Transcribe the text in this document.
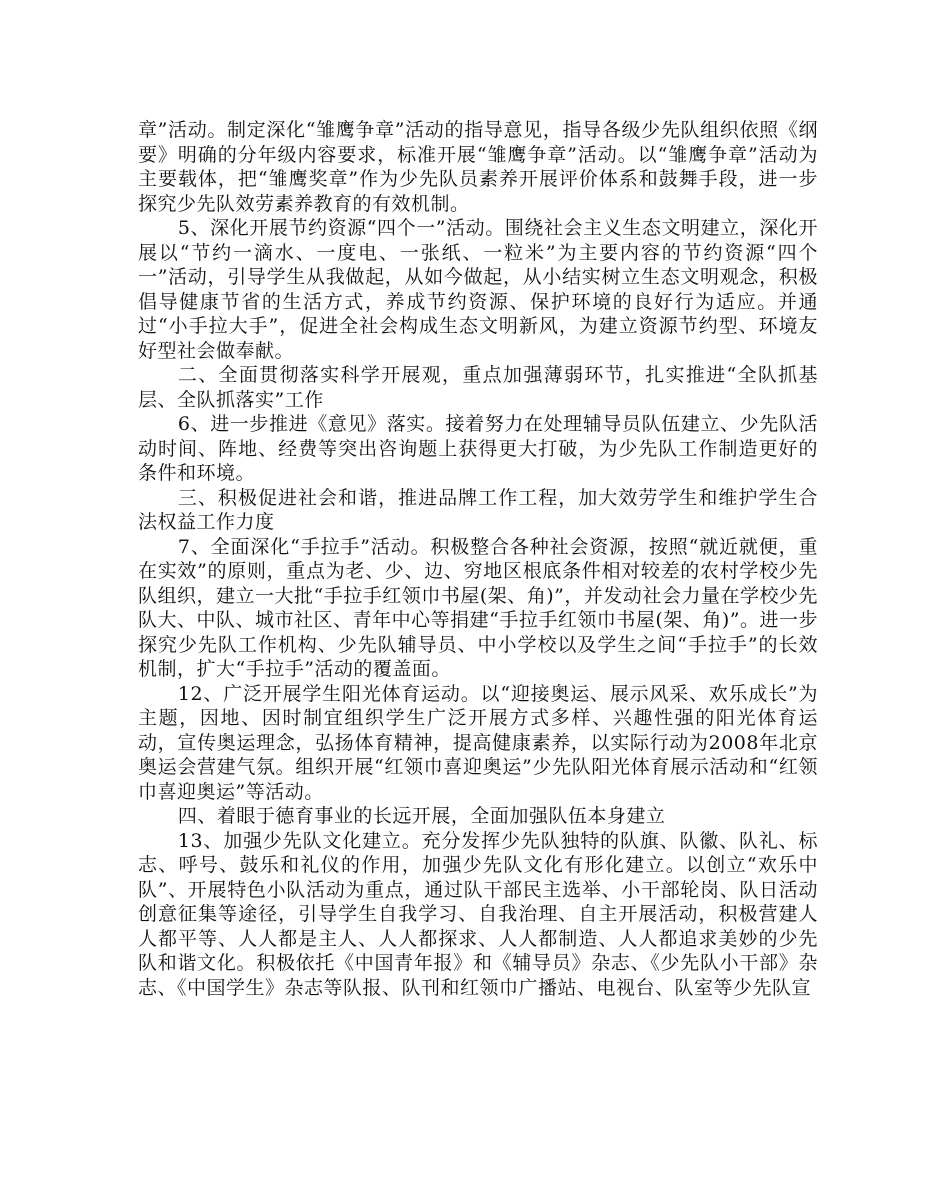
章”活动。制定深化“雏鹰争章”活动的指导意见，指导各级少先队组织依照《纲要》明确的分年级内容要求，标准开展“雏鹰争章”活动。以“雏鹰争章”活动为主要载体，把“雏鹰奖章”作为少先队员素养开展评价体系和鼓舞手段，进一步探究少先队效劳素养教育的有效机制。

5、深化开展节约资源“四个一”活动。围绕社会主义生态文明建立，深化开展以“节约一滴水、一度电、一张纸、一粒米”为主要内容的节约资源“四个一”活动，引导学生从我做起，从如今做起，从小结实树立生态文明观念，积极倡导健康节省的生活方式，养成节约资源、保护环境的良好行为适应。并通过“小手拉大手”，促进全社会构成生态文明新风，为建立资源节约型、环境友好型社会做奉献。

二、全面贯彻落实科学开展观，重点加强薄弱环节，扎实推进“全队抓基层、全队抓落实”工作

6、进一步推进《意见》落实。接着努力在处理辅导员队伍建立、少先队活动时间、阵地、经费等突出咨询题上获得更大打破，为少先队工作制造更好的条件和环境。

三、积极促进社会和谐，推进品牌工作工程，加大效劳学生和维护学生合法权益工作力度

7、全面深化“手拉手”活动。积极整合各种社会资源，按照“就近就便，重在实效”的原则，重点为老、少、边、穷地区根底条件相对较差的农村学校少先队组织，建立一大批“手拉手红领巾书屋(架、角)”，并发动社会力量在学校少先队大、中队、城市社区、青年中心等捐建“手拉手红领巾书屋(架、角)”。进一步探究少先队工作机构、少先队辅导员、中小学校以及学生之间“手拉手”的长效机制，扩大“手拉手”活动的覆盖面。

12、广泛开展学生阳光体育运动。以“迎接奥运、展示风采、欢乐成长”为主题，因地、因时制宜组织学生广泛开展方式多样、兴趣性强的阳光体育运动，宣传奥运理念，弘扬体育精神，提高健康素养，以实际行动为2008年北京奥运会营建气氛。组织开展“红领巾喜迎奥运”少先队阳光体育展示活动和“红领巾喜迎奥运”等活动。

四、着眼于德育事业的长远开展，全面加强队伍本身建立

13、加强少先队文化建立。充分发挥少先队独特的队旗、队徽、队礼、标志、呼号、鼓乐和礼仪的作用，加强少先队文化有形化建立。以创立“欢乐中队”、开展特色小队活动为重点，通过队干部民主选举、小干部轮岗、队日活动创意征集等途径，引导学生自我学习、自我治理、自主开展活动，积极营建人人都平等、人人都是主人、人人都探求、人人都制造、人人都追求美妙的少先队和谐文化。积极依托《中国青年报》和《辅导员》杂志、《少先队小干部》杂志、《中国学生》杂志等队报、队刊和红领巾广播站、电视台、队室等少先队宣
